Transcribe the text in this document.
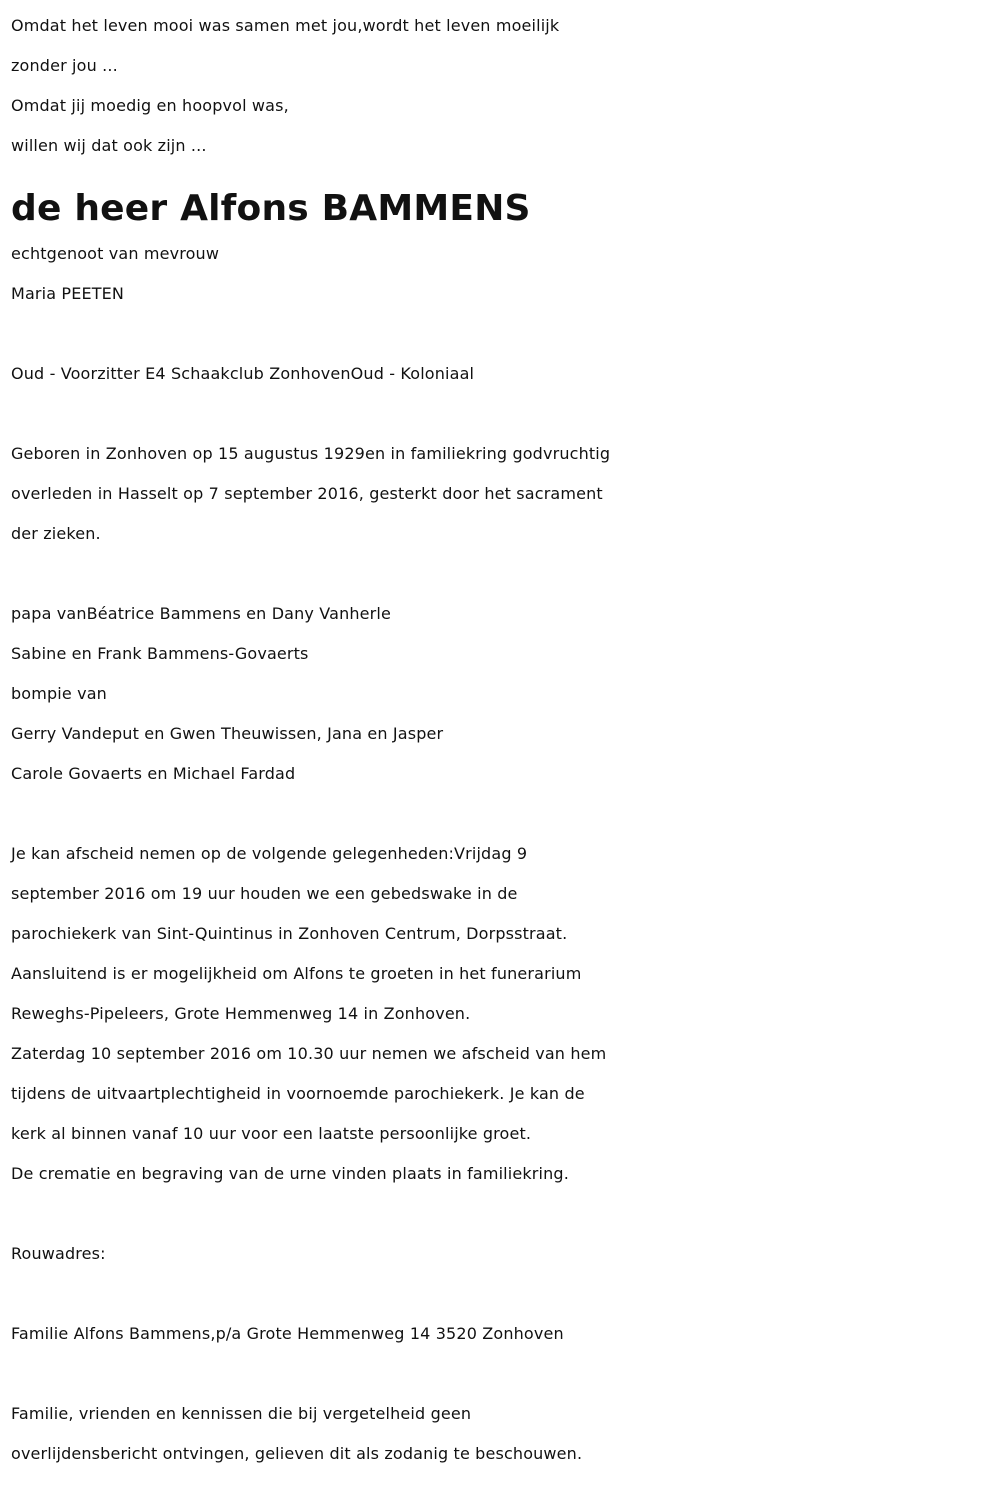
Omdat het leven mooi was samen met jou,wordt het leven moeilijk
zonder jou ...
Omdat jij moedig en hoopvol was,
willen wij dat ook zijn ...
de heer Alfons BAMMENS
echtgenoot van mevrouw
Maria PEETEN
Oud - Voorzitter E4 Schaakclub ZonhovenOud - Koloniaal
Geboren in Zonhoven op 15 augustus 1929en in familiekring godvruchtig
overleden in Hasselt op 7 september 2016, gesterkt door het sacrament
der zieken.
papa vanBéatrice Bammens en Dany Vanherle
Sabine en Frank Bammens-Govaerts
bompie van
Gerry Vandeput en Gwen Theuwissen, Jana en Jasper
Carole Govaerts en Michael Fardad
Je kan afscheid nemen op de volgende gelegenheden:Vrijdag 9
september 2016 om 19 uur houden we een gebedswake in de
parochiekerk van Sint-Quintinus in Zonhoven Centrum, Dorpsstraat.
Aansluitend is er mogelijkheid om Alfons te groeten in het funerarium
Reweghs-Pipeleers, Grote Hemmenweg 14 in Zonhoven.
Zaterdag 10 september 2016 om 10.30 uur nemen we afscheid van hem
tijdens de uitvaartplechtigheid in voornoemde parochiekerk. Je kan de
kerk al binnen vanaf 10 uur voor een laatste persoonlijke groet.
De crematie en begraving van de urne vinden plaats in familiekring.
Rouwadres:
Familie Alfons Bammens,p/a Grote Hemmenweg 14 3520 Zonhoven
Familie, vrienden en kennissen die bij vergetelheid geen
overlijdensbericht ontvingen, gelieven dit als zodanig te beschouwen.
